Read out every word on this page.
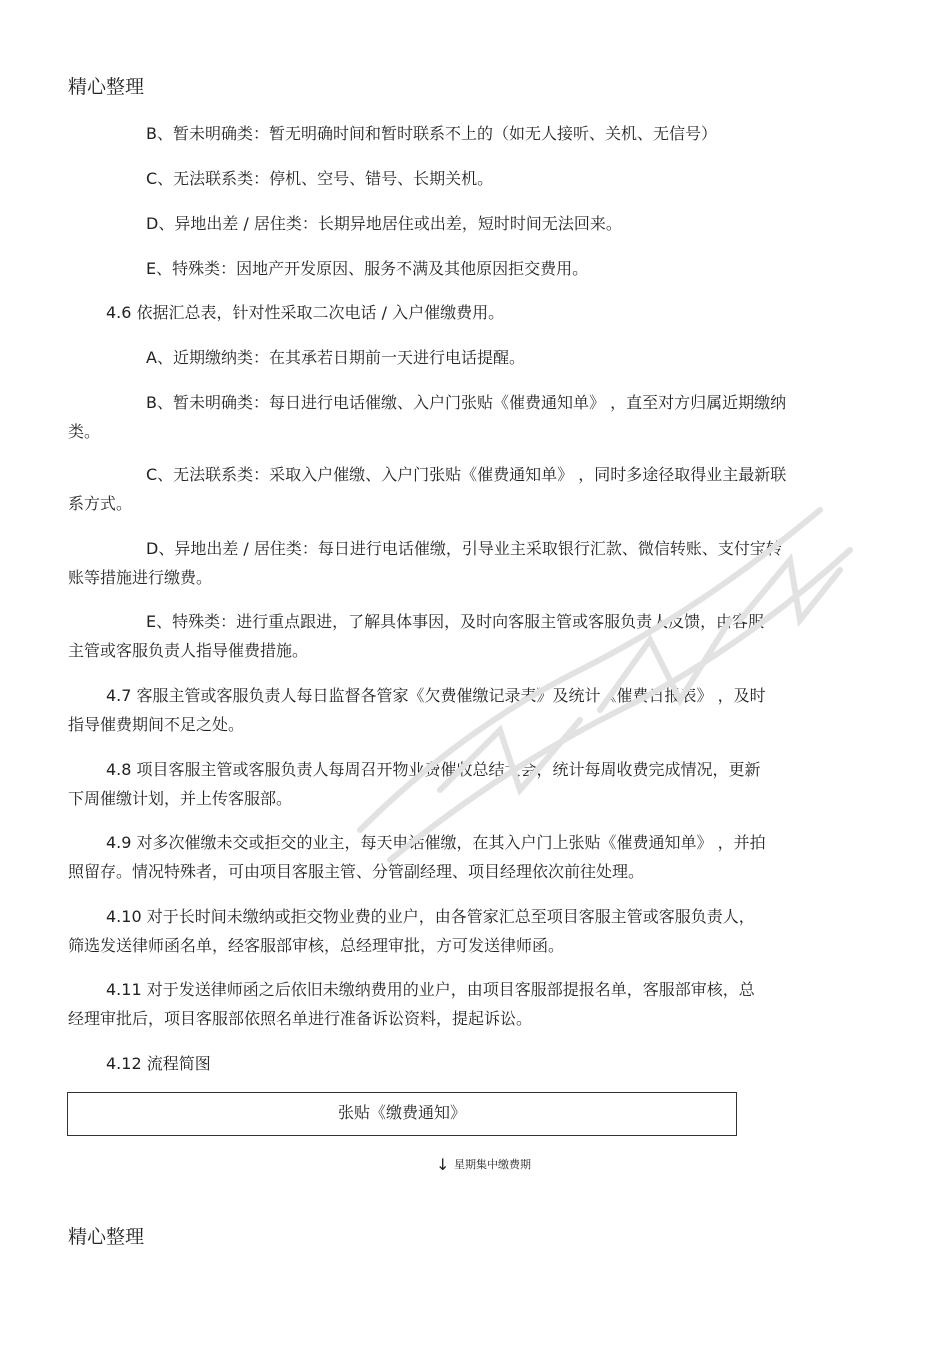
精心整理
B、暂未明确类：暂无明确时间和暂时联系不上的（如无人接听、关机、无信号）
C、无法联系类：停机、空号、错号、长期关机。
D、异地出差 / 居住类：长期异地居住或出差，短时时间无法回来。
E、特殊类：因地产开发原因、服务不满及其他原因拒交费用。
4.6 依据汇总表，针对性采取二次电话 / 入户催缴费用。
A、近期缴纳类：在其承若日期前一天进行电话提醒。
B、暂未明确类：每日进行电话催缴、入户门张贴《催费通知单》 ，直至对方归属近期缴纳
类。
C、无法联系类：采取入户催缴、入户门张贴《催费通知单》 ，同时多途径取得业主最新联
系方式。
D、异地出差 / 居住类：每日进行电话催缴，引导业主采取银行汇款、微信转账、支付宝转
账等措施进行缴费。
E、特殊类：进行重点跟进，了解具体事因，及时向客服主管或客服负责人反馈，由客服
主管或客服负责人指导催费措施。
4.7 客服主管或客服负责人每日监督各管家《欠费催缴记录表》及统计《催费日报表》 ，及时
指导催费期间不足之处。
4.8 项目客服主管或客服负责人每周召开物业费催收总结大会，统计每周收费完成情况，更新
下周催缴计划，并上传客服部。
4.9 对多次催缴未交或拒交的业主，每天电话催缴，在其入户门上张贴《催费通知单》 ，并拍
照留存。情况特殊者，可由项目客服主管、分管副经理、项目经理依次前往处理。
4.10 对于长时间未缴纳或拒交物业费的业户，由各管家汇总至项目客服主管或客服负责人，
筛选发送律师函名单，经客服部审核，总经理审批，方可发送律师函。
4.11 对于发送律师函之后依旧未缴纳费用的业户，由项目客服部提报名单，客服部审核，总
经理审批后，项目客服部依照名单进行准备诉讼资料，提起诉讼。
4.12 流程简图
张贴《缴费通知》
↓ 星期集中缴费期
精心整理
